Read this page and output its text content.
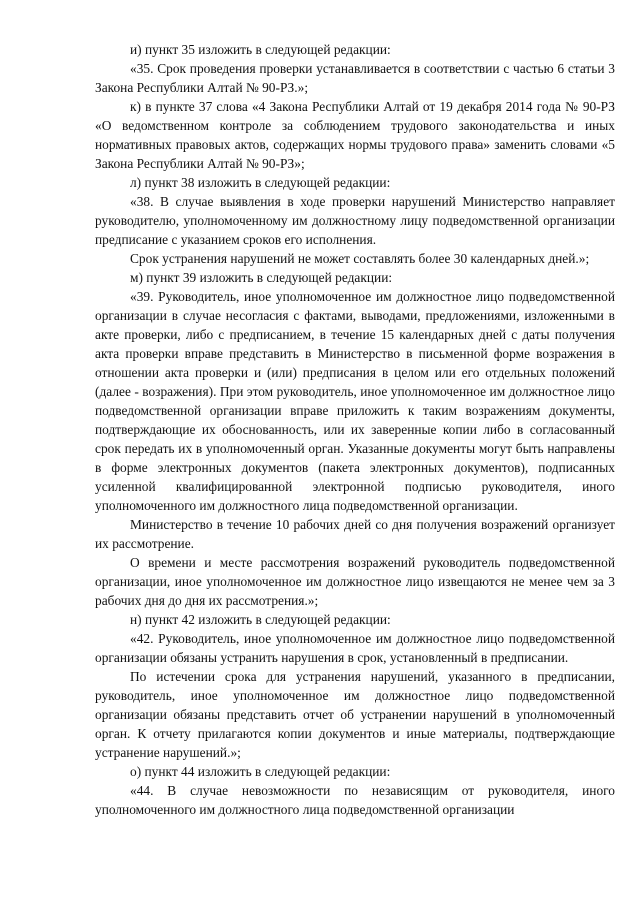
и) пункт 35 изложить в следующей редакции:

«35. Срок проведения проверки устанавливается в соответствии с частью 6 статьи 3 Закона Республики Алтай № 90-РЗ.»;

к) в пункте 37 слова «4 Закона Республики Алтай от 19 декабря 2014 года № 90-РЗ «О ведомственном контроле за соблюдением трудового законодательства и иных нормативных правовых актов, содержащих нормы трудового права» заменить словами «5 Закона Республики Алтай № 90-РЗ»;

л) пункт 38 изложить в следующей редакции:

«38. В случае выявления в ходе проверки нарушений Министерство направляет руководителю, уполномоченному им должностному лицу подведомственной организации предписание с указанием сроков его исполнения.

Срок устранения нарушений не может составлять более 30 календарных дней.»;

м) пункт 39 изложить в следующей редакции:

«39. Руководитель, иное уполномоченное им должностное лицо подведомственной организации в случае несогласия с фактами, выводами, предложениями, изложенными в акте проверки, либо с предписанием, в течение 15 календарных дней с даты получения акта проверки вправе представить в Министерство в письменной форме возражения в отношении акта проверки и (или) предписания в целом или его отдельных положений (далее - возражения). При этом руководитель, иное уполномоченное им должностное лицо подведомственной организации вправе приложить к таким возражениям документы, подтверждающие их обоснованность, или их заверенные копии либо в согласованный срок передать их в уполномоченный орган. Указанные документы могут быть направлены в форме электронных документов (пакета электронных документов), подписанных усиленной квалифицированной электронной подписью руководителя, иного уполномоченного им должностного лица подведомственной организации.

Министерство в течение 10 рабочих дней со дня получения возражений организует их рассмотрение.

О времени и месте рассмотрения возражений руководитель подведомственной организации, иное уполномоченное им должностное лицо извещаются не менее чем за 3 рабочих дня до дня их рассмотрения.»;

н) пункт 42 изложить в следующей редакции:

«42. Руководитель, иное уполномоченное им должностное лицо подведомственной организации обязаны устранить нарушения в срок, установленный в предписании.

По истечении срока для устранения нарушений, указанного в предписании, руководитель, иное уполномоченное им должностное лицо подведомственной организации обязаны представить отчет об устранении нарушений в уполномоченный орган. К отчету прилагаются копии документов и иные материалы, подтверждающие устранение нарушений.»;

о) пункт 44 изложить в следующей редакции:

«44. В случае невозможности по независящим от руководителя, иного уполномоченного им должностного лица подведомственной организации
